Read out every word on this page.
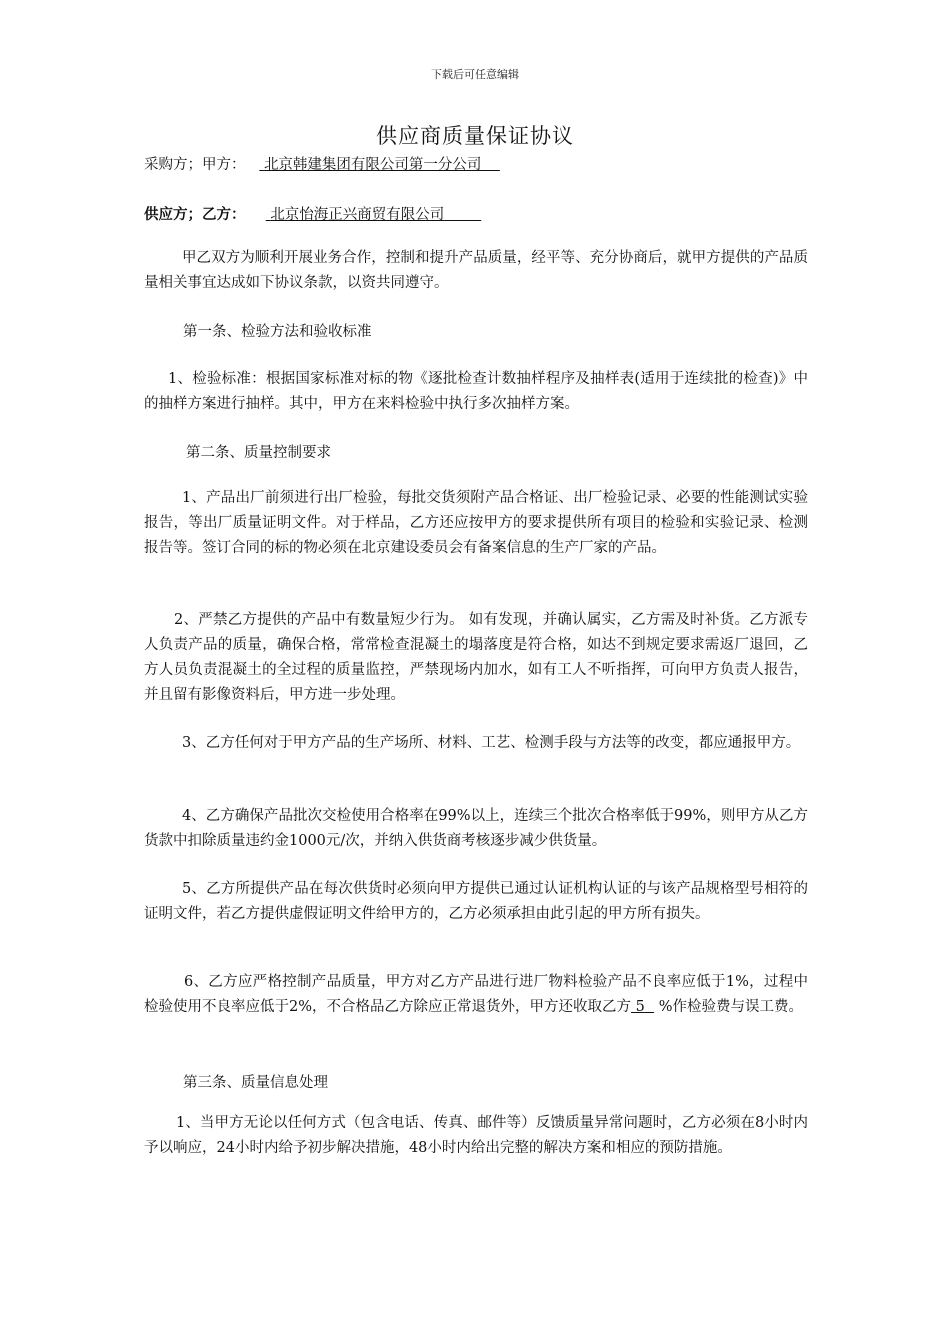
下载后可任意编辑
供应商质量保证协议
采购方；甲方： 北京韩建集团有限公司第一分公司
供应方；乙方： 北京怡海正兴商贸有限公司

甲乙双方为顺利开展业务合作，控制和提升产品质量，经平等、充分协商后，就甲方提供的产品质量相关事宜达成如下协议条款，以资共同遵守。

第一条、检验方法和验收标准

1、检验标准：根据国家标准对标的物《逐批检查计数抽样程序及抽样表(适用于连续批的检查)》中的抽样方案进行抽样。其中，甲方在来料检验中执行多次抽样方案。

第二条、质量控制要求

1、产品出厂前须进行出厂检验，每批交货须附产品合格证、出厂检验记录、必要的性能测试实验报告，等出厂质量证明文件。对于样品，乙方还应按甲方的要求提供所有项目的检验和实验记录、检测报告等。签订合同的标的物必须在北京建设委员会有备案信息的生产厂家的产品。

2、严禁乙方提供的产品中有数量短少行为。 如有发现，并确认属实，乙方需及时补货。乙方派专人负责产品的质量，确保合格，常常检查混凝土的塌落度是符合格，如达不到规定要求需返厂退回，乙方人员负责混凝土的全过程的质量监控，严禁现场内加水，如有工人不听指挥，可向甲方负责人报告，并且留有影像资料后，甲方进一步处理。

3、乙方任何对于甲方产品的生产场所、材料、工艺、检测手段与方法等的改变，都应通报甲方。

4、乙方确保产品批次交检使用合格率在99%以上，连续三个批次合格率低于99%，则甲方从乙方货款中扣除质量违约金1000元/次，并纳入供货商考核逐步减少供货量。

5、乙方所提供产品在每次供货时必须向甲方提供已通过认证机构认证的与该产品规格型号相符的证明文件，若乙方提供虚假证明文件给甲方的，乙方必须承担由此引起的甲方所有损失。

6、乙方应严格控制产品质量，甲方对乙方产品进行进厂物料检验产品不良率应低于1%，过程中检验使用不良率应低于2%，不合格品乙方除应正常退货外，甲方还收取乙方 5 %作检验费与误工费。

第三条、质量信息处理

1、当甲方无论以任何方式（包含电话、传真、邮件等）反馈质量异常问题时，乙方必须在8小时内予以响应，24小时内给予初步解决措施，48小时内给出完整的解决方案和相应的预防措施。
